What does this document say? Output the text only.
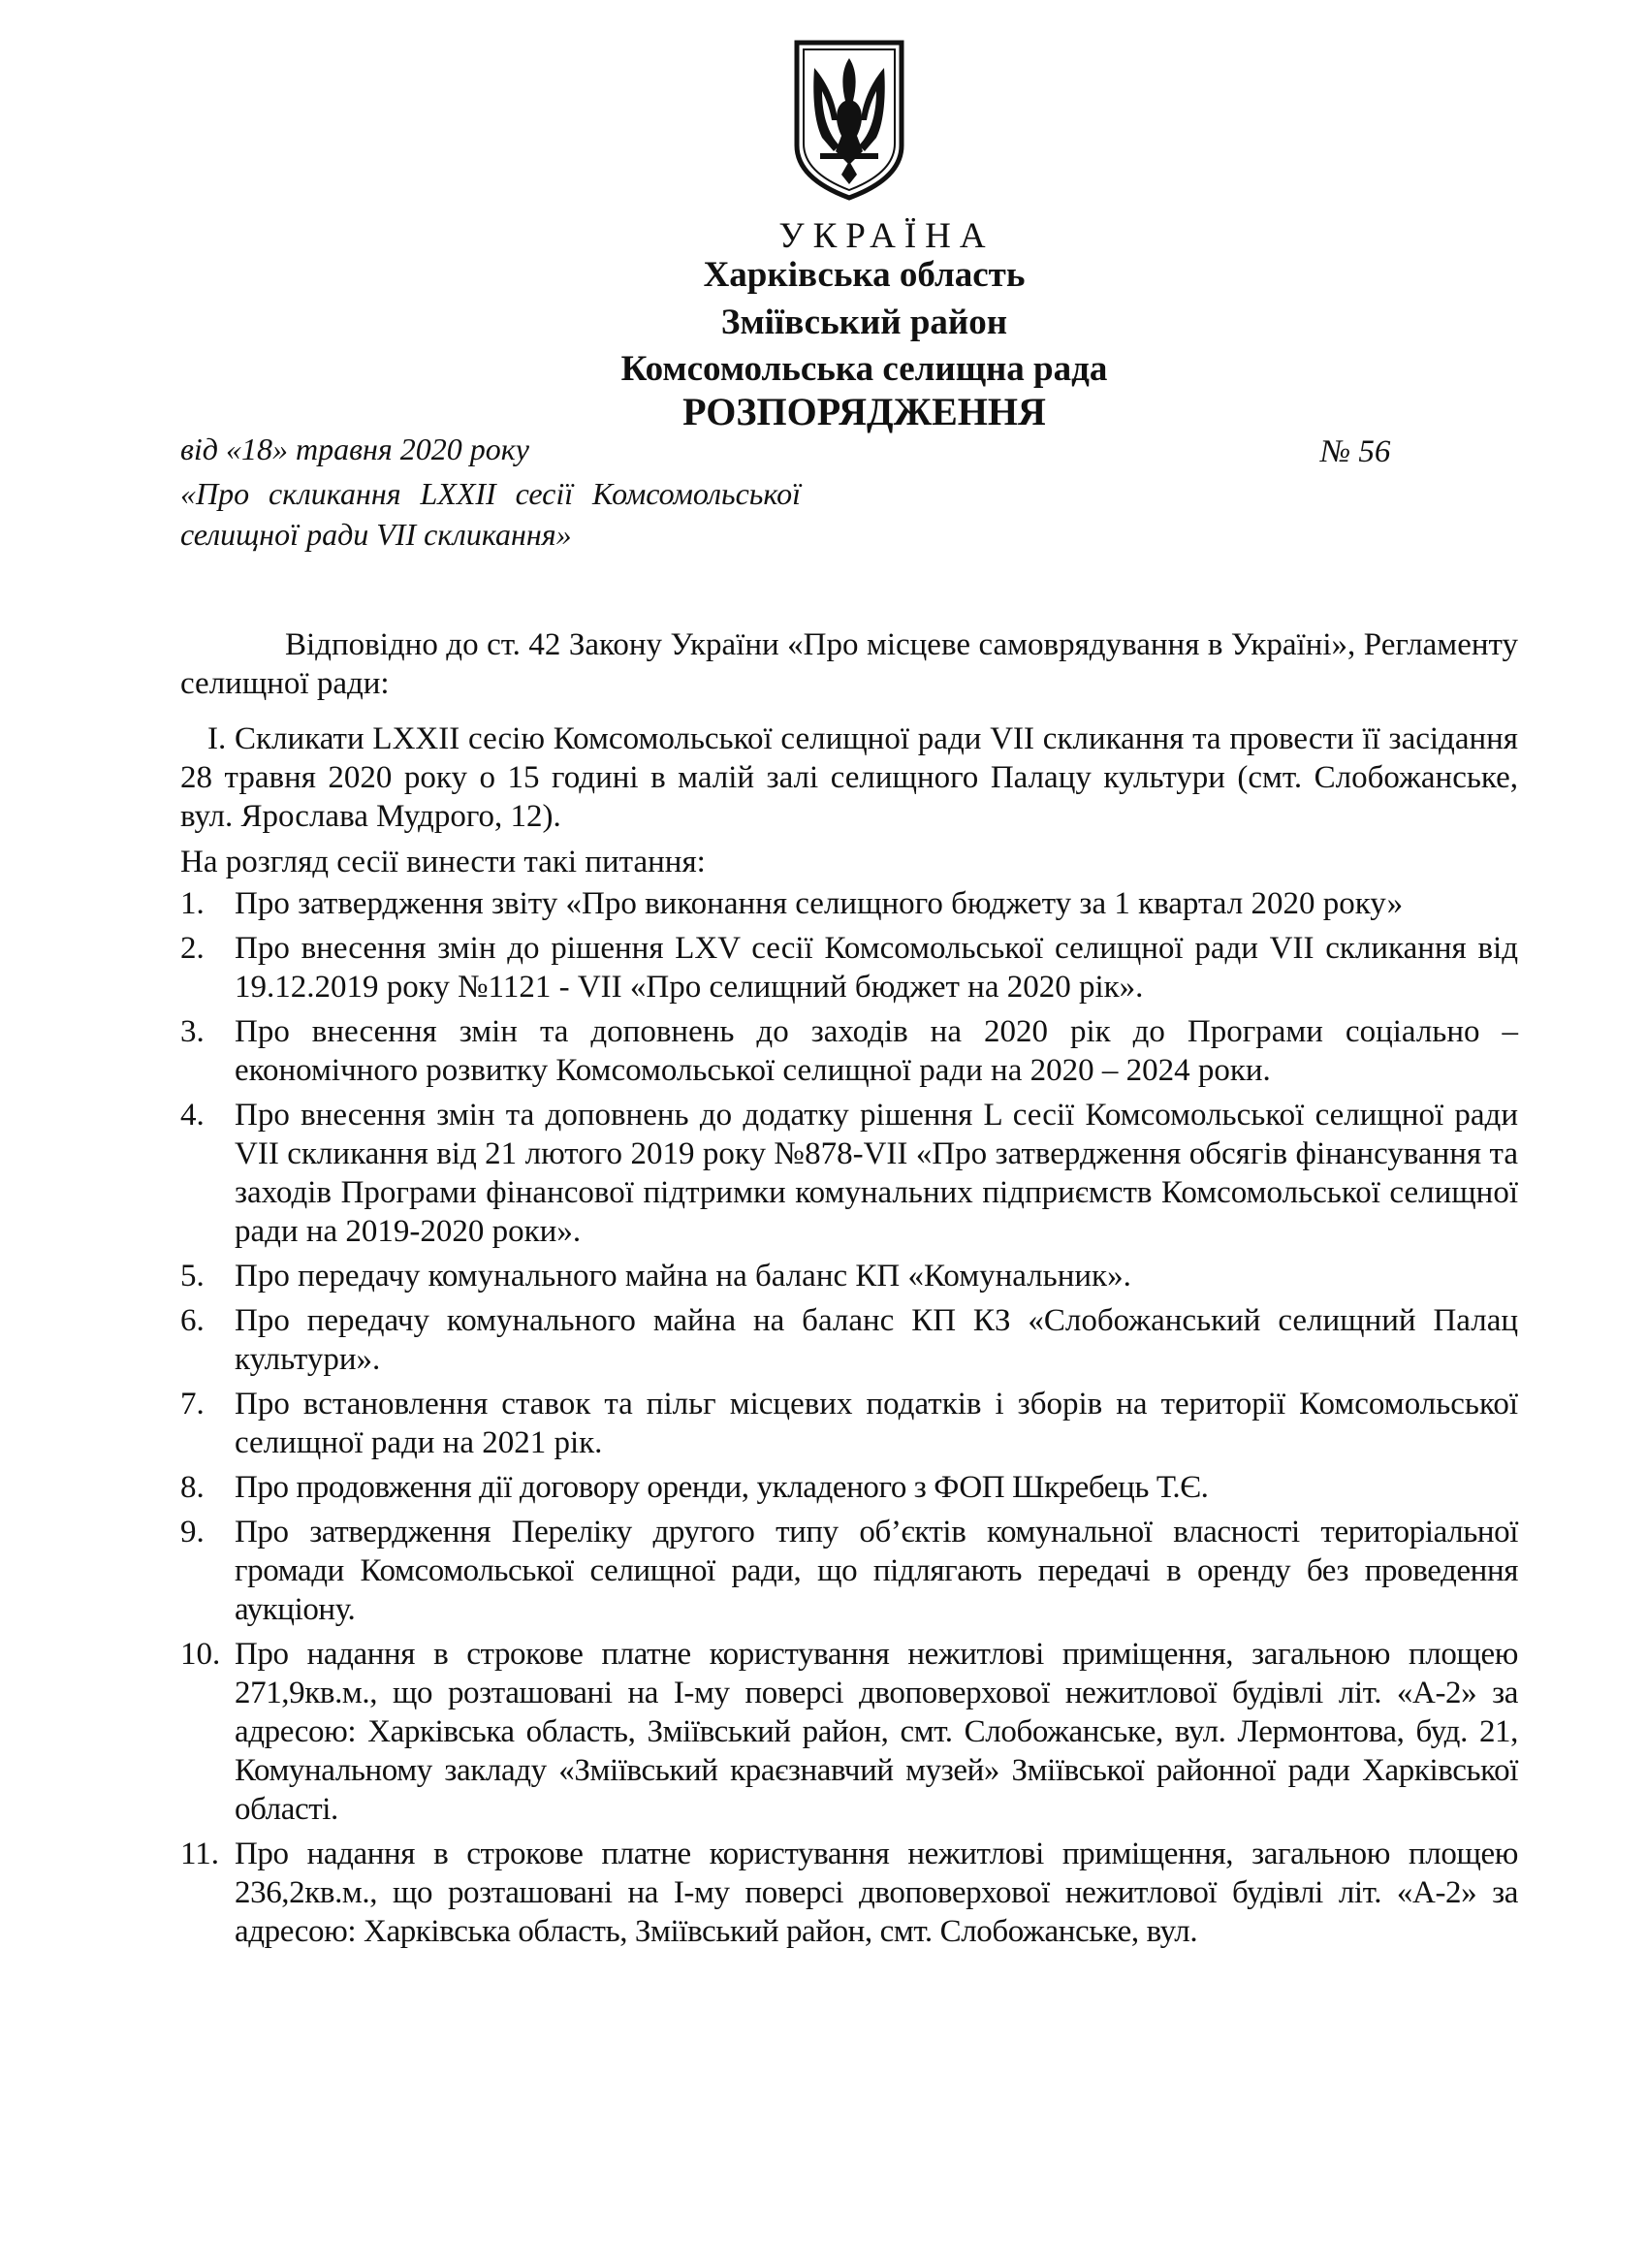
УКРАЇНА
Харківська область
Зміївський район
Комсомольська селищна рада
РОЗПОРЯДЖЕННЯ
від «18» травня 2020 року	№ 56
«Про скликання LXXII сесії Комсомольської селищної ради VII скликання»
Відповідно до ст. 42 Закону України «Про місцеве самоврядування в Україні», Регламенту селищної ради:
I. Скликати LXXII сесію Комсомольської селищної ради VII скликання та провести її засідання 28 травня 2020 року о 15 годині в малій залі селищного Палацу культури (смт. Слобожанське, вул. Ярослава Мудрого, 12).
На розгляд сесії винести такі питання:
1. Про затвердження звіту «Про виконання селищного бюджету за 1 квартал 2020 року»
2. Про внесення змін до рішення LXV сесії Комсомольської селищної ради VII скликання від 19.12.2019 року №1121 - VII «Про селищний бюджет на 2020 рік».
3. Про внесення змін та доповнень до заходів на 2020 рік до Програми соціально – економічного розвитку Комсомольської селищної ради на 2020 – 2024 роки.
4. Про внесення змін та доповнень до додатку рішення L сесії Комсомольської селищної ради VII скликання від 21 лютого 2019 року №878-VII «Про затвердження обсягів фінансування та заходів Програми фінансової підтримки комунальних підприємств Комсомольської селищної ради на 2019-2020 роки».
5. Про передачу комунального майна на баланс КП «Комунальник».
6. Про передачу комунального майна на баланс КП КЗ «Слобожанський селищний Палац культури».
7. Про встановлення ставок та пільг місцевих податків і зборів на території Комсомольської селищної ради на 2021 рік.
8. Про продовження дії договору оренди, укладеного з ФОП Шкребець Т.Є.
9. Про затвердження Переліку другого типу об’єктів комунальної власності територіальної громади Комсомольської селищної ради, що підлягають передачі в оренду без проведення аукціону.
10. Про надання в строкове платне користування нежитлові приміщення, загальною площею 271,9кв.м., що розташовані на I-му поверсі двоповерхової нежитлової будівлі літ. «А-2» за адресою: Харківська область, Зміївський район, смт. Слобожанське, вул. Лермонтова, буд. 21, Комунальному закладу «Зміївський краєзнавчий музей» Зміївської районної ради Харківської області.
11. Про надання в строкове платне користування нежитлові приміщення, загальною площею 236,2кв.м., що розташовані на I-му поверсі двоповерхової нежитлової будівлі літ. «А-2» за адресою: Харківська область, Зміївський район, смт. Слобожанське, вул.
